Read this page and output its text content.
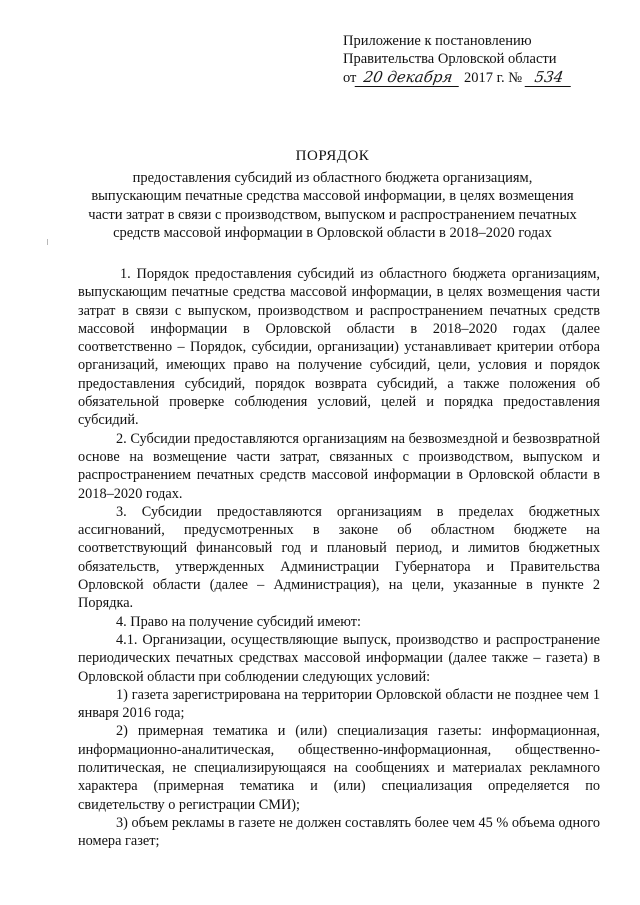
Приложение к постановлению
Правительства Орловской области
от 20 декабря 2017 г. № 534
ПОРЯДОК
предоставления субсидий из областного бюджета организациям,
выпускающим печатные средства массовой информации, в целях возмещения
части затрат в связи с производством, выпуском и распространением печатных
средств массовой информации в Орловской области в 2018–2020 годах

1. Порядок предоставления субсидий из областного бюджета организациям, выпускающим печатные средства массовой информации, в целях возмещения части затрат в связи с выпуском, производством и распространением печатных средств массовой информации в Орловской области в 2018–2020 годах (далее соответственно – Порядок, субсидии, организации) устанавливает критерии отбора организаций, имеющих право на получение субсидий, цели, условия и порядок предоставления субсидий, порядок возврата субсидий, а также положения об обязательной проверке соблюдения условий, целей и порядка предоставления субсидий.

2. Субсидии предоставляются организациям на безвозмездной и безвозвратной основе на возмещение части затрат, связанных с производством, выпуском и распространением печатных средств массовой информации в Орловской области в 2018–2020 годах.

3. Субсидии предоставляются организациям в пределах бюджетных ассигнований, предусмотренных в законе об областном бюджете на соответствующий финансовый год и плановый период, и лимитов бюджетных обязательств, утвержденных Администрации Губернатора и Правительства Орловской области (далее – Администрация), на цели, указанные в пункте 2 Порядка.

4. Право на получение субсидий имеют:

4.1. Организации, осуществляющие выпуск, производство и распространение периодических печатных средствах массовой информации (далее также – газета) в Орловской области при соблюдении следующих условий:

1) газета зарегистрирована на территории Орловской области не позднее чем 1 января 2016 года;

2) примерная тематика и (или) специализация газеты: информационная, информационно-аналитическая, общественно-информационная, общественно-политическая, не специализирующаяся на сообщениях и материалах рекламного характера (примерная тематика и (или) специализация определяется по свидетельству о регистрации СМИ);

3) объем рекламы в газете не должен составлять более чем 45 % объема одного номера газет;
